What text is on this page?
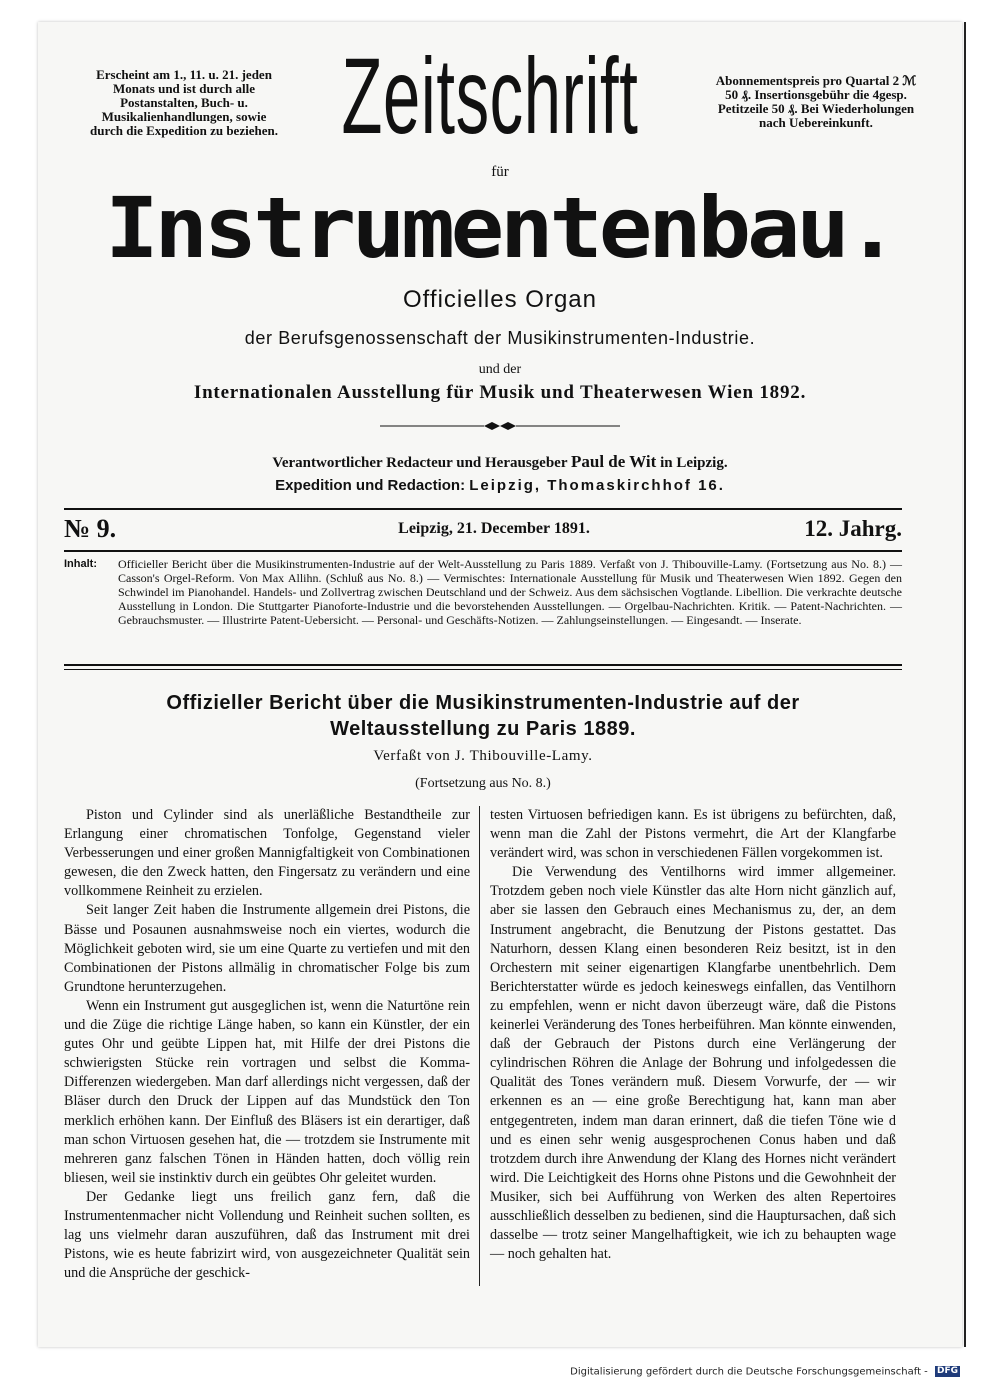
Erscheint am 1., 11. u. 21. jeden Monats und ist durch alle Postanstalten, Buch- u. Musikalienhandlungen, sowie durch die Expedition zu beziehen.
Abonnementspreis pro Quartal 2 ℳ 50 ₰. Insertionsgebühr die 4gesp. Petitzeile 50 ₰. Bei Wiederholungen nach Uebereinkunft.
Zeitschrift
für
Instrumentenbau.
Officielles Organ
der Berufsgenossenschaft der Musikinstrumenten-Industrie.
und der
Internationalen Ausstellung für Musik und Theaterwesen Wien 1892.
Verantwortlicher Redacteur und Herausgeber Paul de Wit in Leipzig.
Expedition und Redaction: Leipzig, Thomaskirchhof 16.
№ 9.	Leipzig, 21. December 1891.	12. Jahrg.
Inhalt: Officieller Bericht über die Musikinstrumenten-Industrie auf der Welt-Ausstellung zu Paris 1889. Verfaßt von J. Thibouville-Lamy. (Fortsetzung aus No. 8.) — Casson's Orgel-Reform. Von Max Allihn. (Schluß aus No. 8.) — Vermischtes: Internationale Ausstellung für Musik und Theaterwesen Wien 1892. Gegen den Schwindel im Pianohandel. Handels- und Zollvertrag zwischen Deutschland und der Schweiz. Aus dem sächsischen Vogtlande. Libellion. Die verkrachte deutsche Ausstellung in London. Die Stuttgarter Pianoforte-Industrie und die bevorstehenden Ausstellungen. — Orgelbau-Nachrichten. Kritik. — Patent-Nachrichten. — Gebrauchsmuster. — Illustrirte Patent-Uebersicht. — Personal- und Geschäfts-Notizen. — Zahlungseinstellungen. — Eingesandt. — Inserate.
Offizieller Bericht über die Musikinstrumenten-Industrie auf der
Weltausstellung zu Paris 1889.
Verfaßt von J. Thibouville-Lamy.
(Fortsetzung aus No. 8.)

Piston und Cylinder sind als unerläßliche Bestandtheile zur Erlangung einer chromatischen Tonfolge, Gegenstand vieler Verbesserungen und einer großen Mannigfaltigkeit von Combinationen gewesen, die den Zweck hatten, den Fingersatz zu verändern und eine vollkommene Reinheit zu erzielen.

Seit langer Zeit haben die Instrumente allgemein drei Pistons, die Bässe und Posaunen ausnahmsweise noch ein viertes, wodurch die Möglichkeit geboten wird, sie um eine Quarte zu vertiefen und mit den Combinationen der Pistons allmälig in chromatischer Folge bis zum Grundtone herunterzugehen.

Wenn ein Instrument gut ausgeglichen ist, wenn die Naturtöne rein und die Züge die richtige Länge haben, so kann ein Künstler, der ein gutes Ohr und geübte Lippen hat, mit Hilfe der drei Pistons die schwierigsten Stücke rein vortragen und selbst die Komma-Differenzen wiedergeben. Man darf allerdings nicht vergessen, daß der Bläser durch den Druck der Lippen auf das Mundstück den Ton merklich erhöhen kann. Der Einfluß des Bläsers ist ein derartiger, daß man schon Virtuosen gesehen hat, die — trotzdem sie Instrumente mit mehreren ganz falschen Tönen in Händen hatten, doch völlig rein bliesen, weil sie instinktiv durch ein geübtes Ohr geleitet wurden.

Der Gedanke liegt uns freilich ganz fern, daß die Instrumentenmacher nicht Vollendung und Reinheit suchen sollten, es lag uns vielmehr daran auszuführen, daß das Instrument mit drei Pistons, wie es heute fabrizirt wird, von ausgezeichneter Qualität sein und die Ansprüche der geschick-

testen Virtuosen befriedigen kann. Es ist übrigens zu befürchten, daß, wenn man die Zahl der Pistons vermehrt, die Art der Klangfarbe verändert wird, was schon in verschiedenen Fällen vorgekommen ist.

Die Verwendung des Ventilhorns wird immer allgemeiner. Trotzdem geben noch viele Künstler das alte Horn nicht gänzlich auf, aber sie lassen den Gebrauch eines Mechanismus zu, der, an dem Instrument angebracht, die Benutzung der Pistons gestattet. Das Naturhorn, dessen Klang einen besonderen Reiz besitzt, ist in den Orchestern mit seiner eigenartigen Klangfarbe unentbehrlich. Dem Berichterstatter würde es jedoch keineswegs einfallen, das Ventilhorn zu empfehlen, wenn er nicht davon überzeugt wäre, daß die Pistons keinerlei Veränderung des Tones herbeiführen. Man könnte einwenden, daß der Gebrauch der Pistons durch eine Verlängerung der cylindrischen Röhren die Anlage der Bohrung und infolgedessen die Qualität des Tones verändern muß. Diesem Vorwurfe, der — wir erkennen es an — eine große Berechtigung hat, kann man aber entgegentreten, indem man daran erinnert, daß die tiefen Töne wie d und es einen sehr wenig ausgesprochenen Conus haben und daß trotzdem durch ihre Anwendung der Klang des Hornes nicht verändert wird. Die Leichtigkeit des Horns ohne Pistons und die Gewohnheit der Musiker, sich bei Aufführung von Werken des alten Repertoires ausschließlich desselben zu bedienen, sind die Hauptursachen, daß sich dasselbe — trotz seiner Mangelhaftigkeit, wie ich zu behaupten wage — noch gehalten hat.

Digitalisierung gefördert durch die Deutsche Forschungsgemeinschaft - DFG
